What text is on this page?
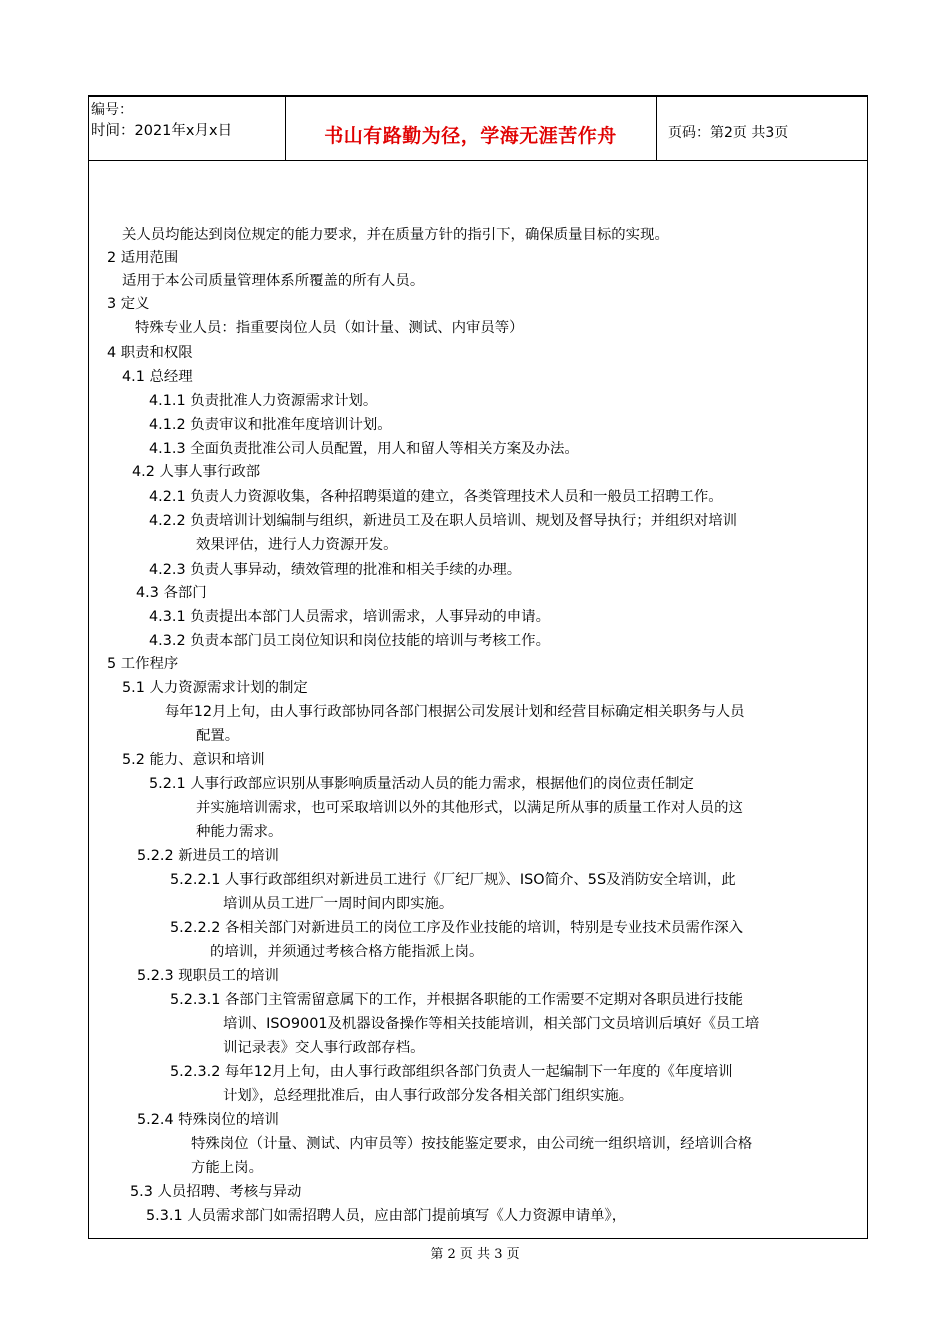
编号：
时间：2021年x月x日	书山有路勤为径，学海无涯苦作舟	页码：第2页 共3页
关人员均能达到岗位规定的能力要求，并在质量方针的指引下，确保质量目标的实现。
2 适用范围
适用于本公司质量管理体系所覆盖的所有人员。
3 定义
特殊专业人员：指重要岗位人员（如计量、测试、内审员等）
4 职责和权限
4.1 总经理
4.1.1 负责批准人力资源需求计划。
4.1.2 负责审议和批准年度培训计划。
4.1.3 全面负责批准公司人员配置，用人和留人等相关方案及办法。
4.2 人事人事行政部
4.2.1 负责人力资源收集，各种招聘渠道的建立，各类管理技术人员和一般员工招聘工作。
4.2.2 负责培训计划编制与组织，新进员工及在职人员培训、规划及督导执行；并组织对培训
效果评估，进行人力资源开发。
4.2.3 负责人事异动，绩效管理的批准和相关手续的办理。
4.3 各部门
4.3.1 负责提出本部门人员需求，培训需求，人事异动的申请。
4.3.2 负责本部门员工岗位知识和岗位技能的培训与考核工作。
5 工作程序
5.1 人力资源需求计划的制定
每年12月上旬，由人事行政部协同各部门根据公司发展计划和经营目标确定相关职务与人员
配置。
5.2 能力、意识和培训
5.2.1 人事行政部应识别从事影响质量活动人员的能力需求，根据他们的岗位责任制定
并实施培训需求，也可采取培训以外的其他形式，以满足所从事的质量工作对人员的这
种能力需求。
5.2.2 新进员工的培训
5.2.2.1 人事行政部组织对新进员工进行《厂纪厂规》、ISO简介、5S及消防安全培训，此
培训从员工进厂一周时间内即实施。
5.2.2.2 各相关部门对新进员工的岗位工序及作业技能的培训，特别是专业技术员需作深入
的培训，并须通过考核合格方能指派上岗。
5.2.3 现职员工的培训
5.2.3.1 各部门主管需留意属下的工作，并根据各职能的工作需要不定期对各职员进行技能
培训、ISO9001及机器设备操作等相关技能培训，相关部门文员培训后填好《员工培
训记录表》交人事行政部存档。
5.2.3.2 每年12月上旬，由人事行政部组织各部门负责人一起编制下一年度的《年度培训
计划》，总经理批准后，由人事行政部分发各相关部门组织实施。
5.2.4 特殊岗位的培训
特殊岗位（计量、测试、内审员等）按技能鉴定要求，由公司统一组织培训，经培训合格
方能上岗。
5.3 人员招聘、考核与异动
5.3.1 人员需求部门如需招聘人员，应由部门提前填写《人力资源申请单》，
第 2 页 共 3 页
